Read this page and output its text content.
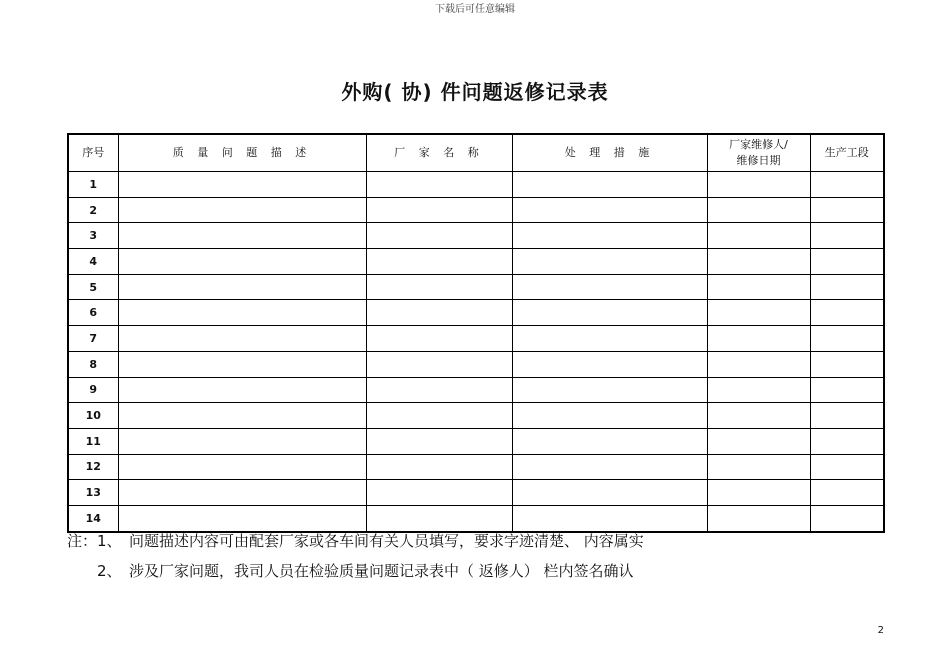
下载后可任意编辑
外购( 协) 件问题返修记录表
序号	质 量 问 题 描 述	厂 家 名 称	处 理 措 施	厂家维修人/
维修日期	生产工段
1					
2					
3					
4					
5					
6					
7					
8					
9					
10					
11					
12					
13					
14					
注：1、 问题描述内容可由配套厂家或各车间有关人员填写，要求字迹清楚、 内容属实
2、 涉及厂家问题，我司人员在检验质量问题记录表中（ 返修人） 栏内签名确认
2
